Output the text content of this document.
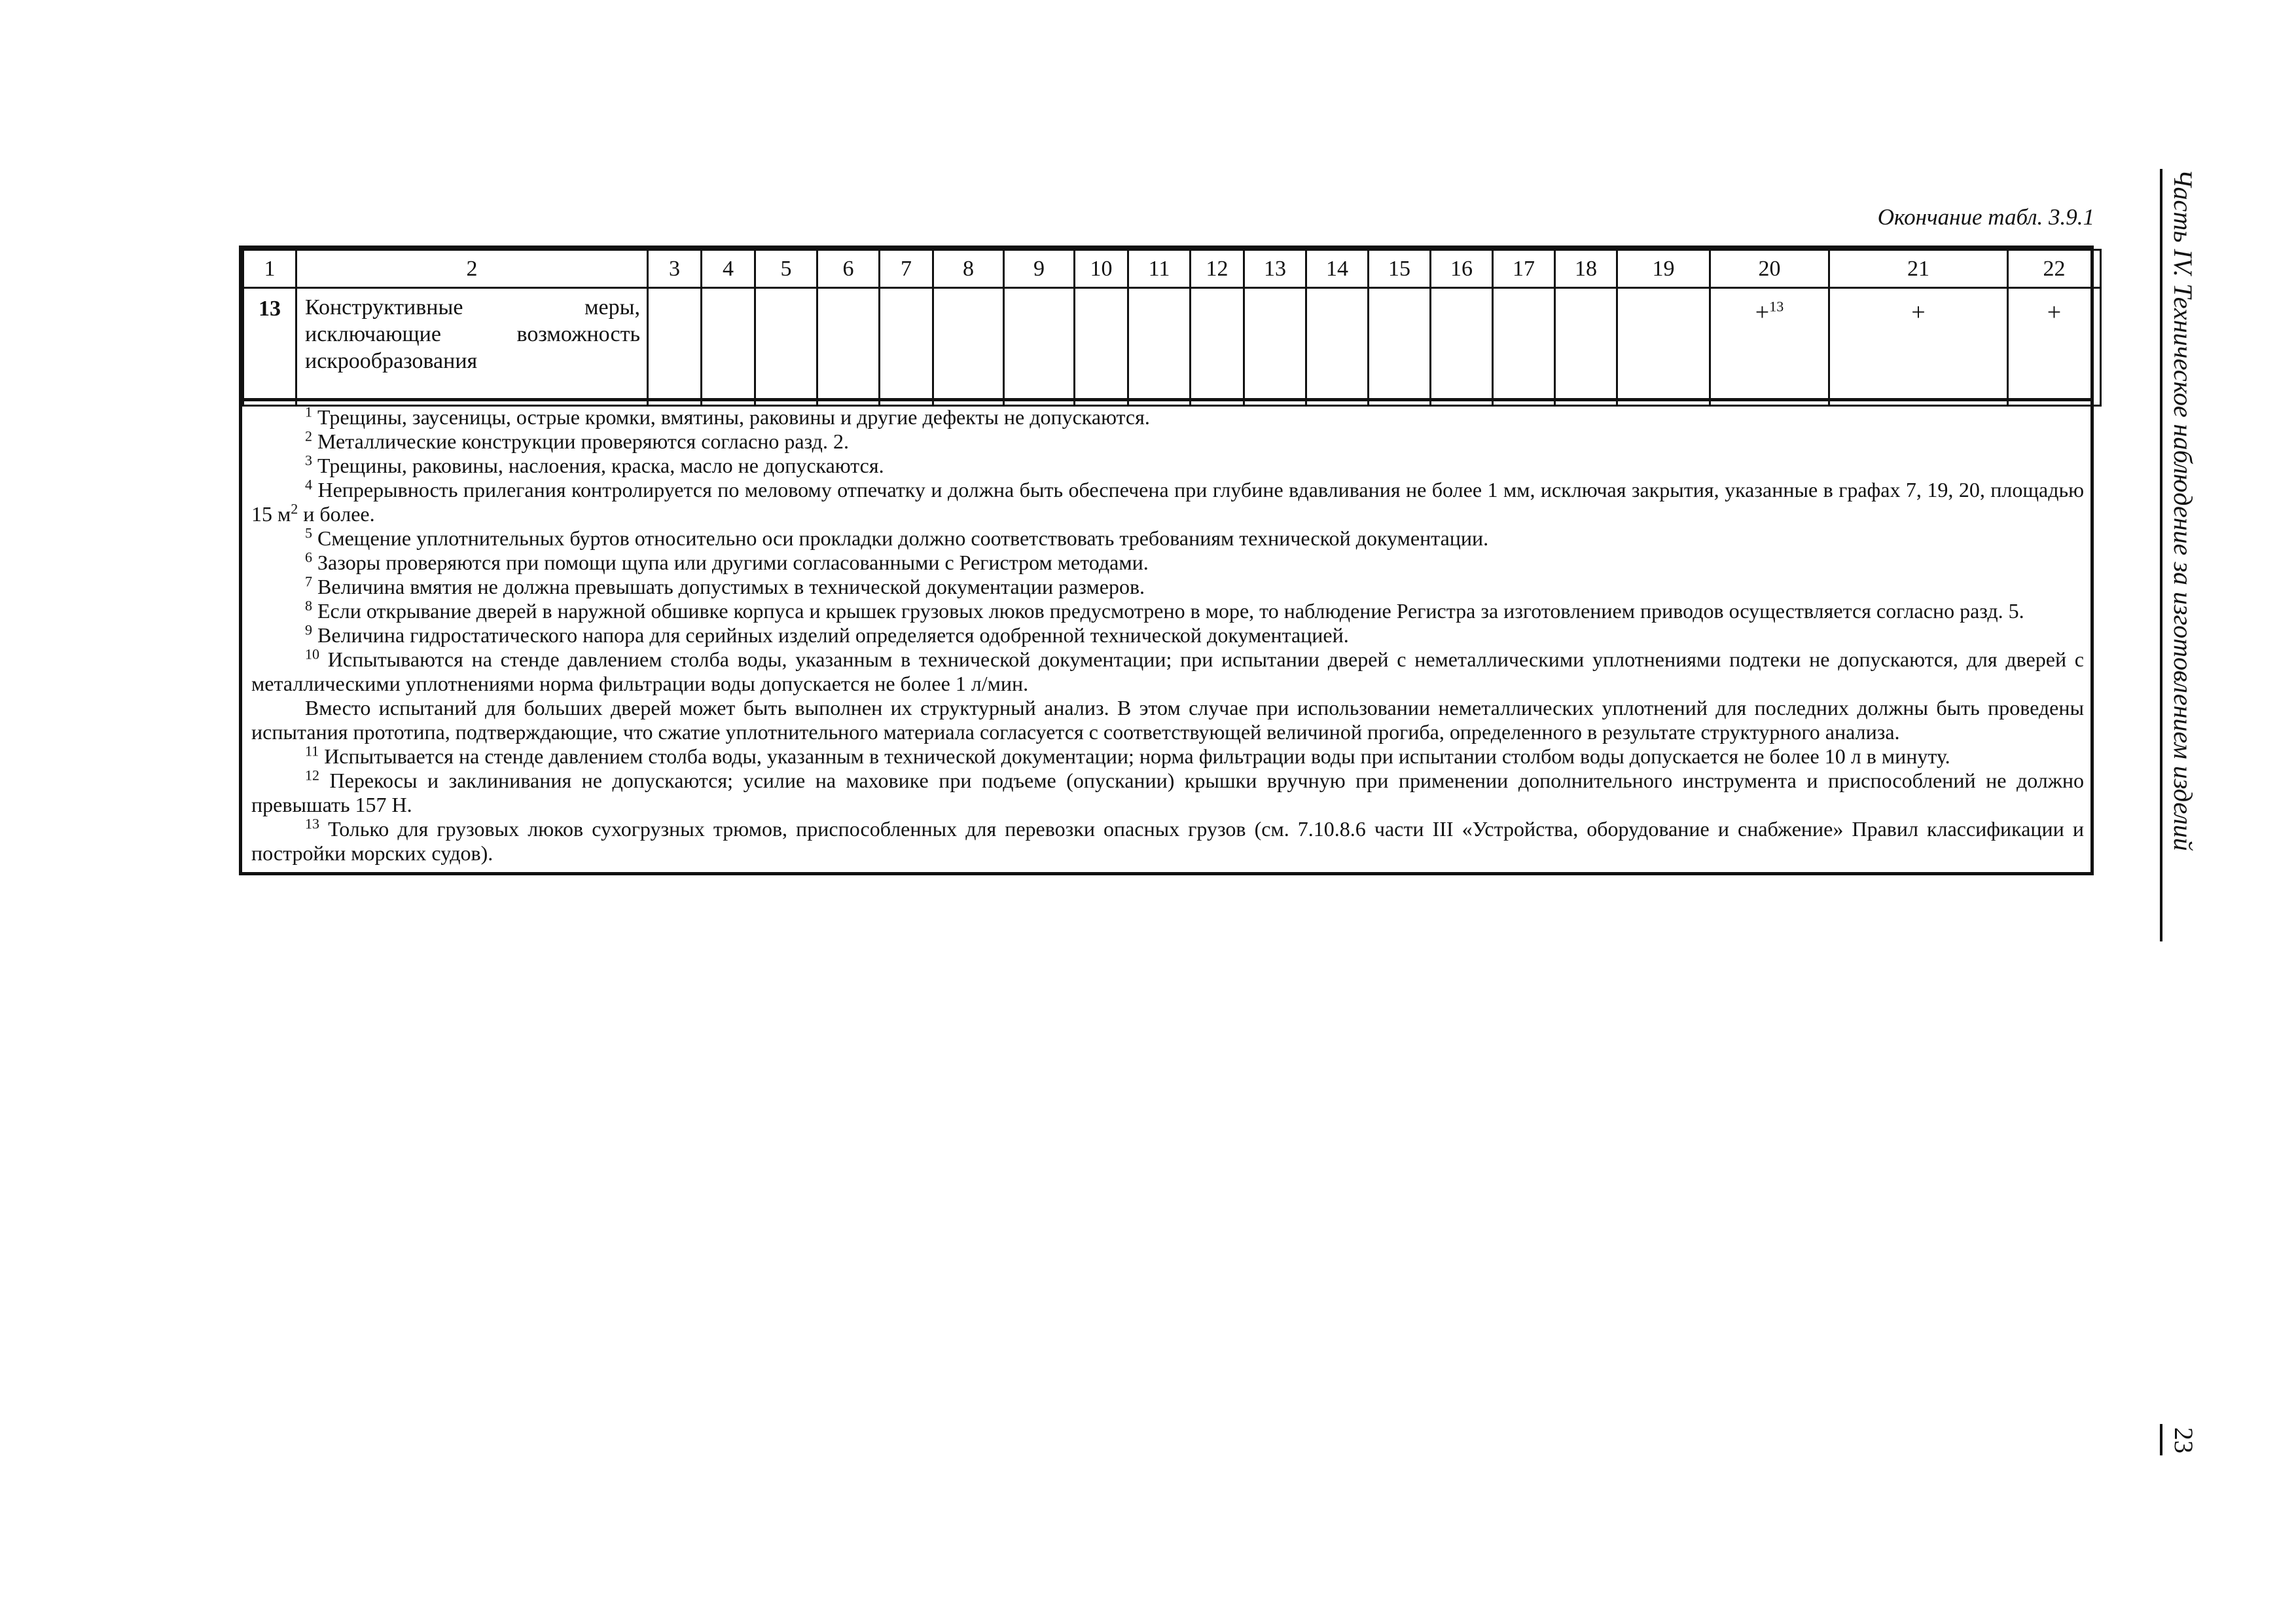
Окончание табл. 3.9.1
1	2	3	4	5	6	7	8	9	10	11	12	13	14	15	16	17	18	19	20	21	22
13	Конструктивные меры, исключающие возможность искрообразования																		+$^{13}$	+	+

$^1$ Трещины, заусеницы, острые кромки, вмятины, раковины и другие дефекты не допускаются.

$^2$ Металлические конструкции проверяются согласно разд. 2.

$^3$ Трещины, раковины, наслоения, краска, масло не допускаются.

$^4$ Непрерывность прилегания контролируется по меловому отпечатку и должна быть обеспечена при глубине вдавливания не более 1 мм, исключая закрытия, указанные в графах 7, 19, 20, площадью 15 $м^2$ и более.

$^5$ Смещение уплотнительных буртов относительно оси прокладки должно соответствовать требованиям технической документации.

$^6$ Зазоры проверяются при помощи щупа или другими согласованными с Регистром методами.

$^7$ Величина вмятия не должна превышать допустимых в технической документации размеров.

$^8$ Если открывание дверей в наружной обшивке корпуса и крышек грузовых люков предусмотрено в море, то наблюдение Регистра за изготовлением приводов осуществляется согласно разд. 5.

$^9$ Величина гидростатического напора для серийных изделий определяется одобренной технической документацией.

$^{10}$ Испытываются на стенде давлением столба воды, указанным в технической документации; при испытании дверей с неметаллическими уплотнениями подтеки не допускаются, для дверей с металлическими уплотнениями норма фильтрации воды допускается не более 1 л/мин.

Вместо испытаний для больших дверей может быть выполнен их структурный анализ. В этом случае при использовании неметаллических уплотнений для последних должны быть проведены испытания прототипа, подтверждающие, что сжатие уплотнительного материала согласуется с соответствующей величиной прогиба, определенного в результате структурного анализа.

$^{11}$ Испытывается на стенде давлением столба воды, указанным в технической документации; норма фильтрации воды при испытании столбом воды допускается не более 10 л в минуту.

$^{12}$ Перекосы и заклинивания не допускаются; усилие на маховике при подъеме (опускании) крышки вручную при применении дополнительного инструмента и приспособлений не должно превышать 157 Н.

$^{13}$ Только для грузовых люков сухогрузных трюмов, приспособленных для перевозки опасных грузов (см. 7.10.8.6 части III «Устройства, оборудование и снабжение» Правил классификации и постройки морских судов).

Часть IV. Техническое наблюдение за изготовлением изделий
23
